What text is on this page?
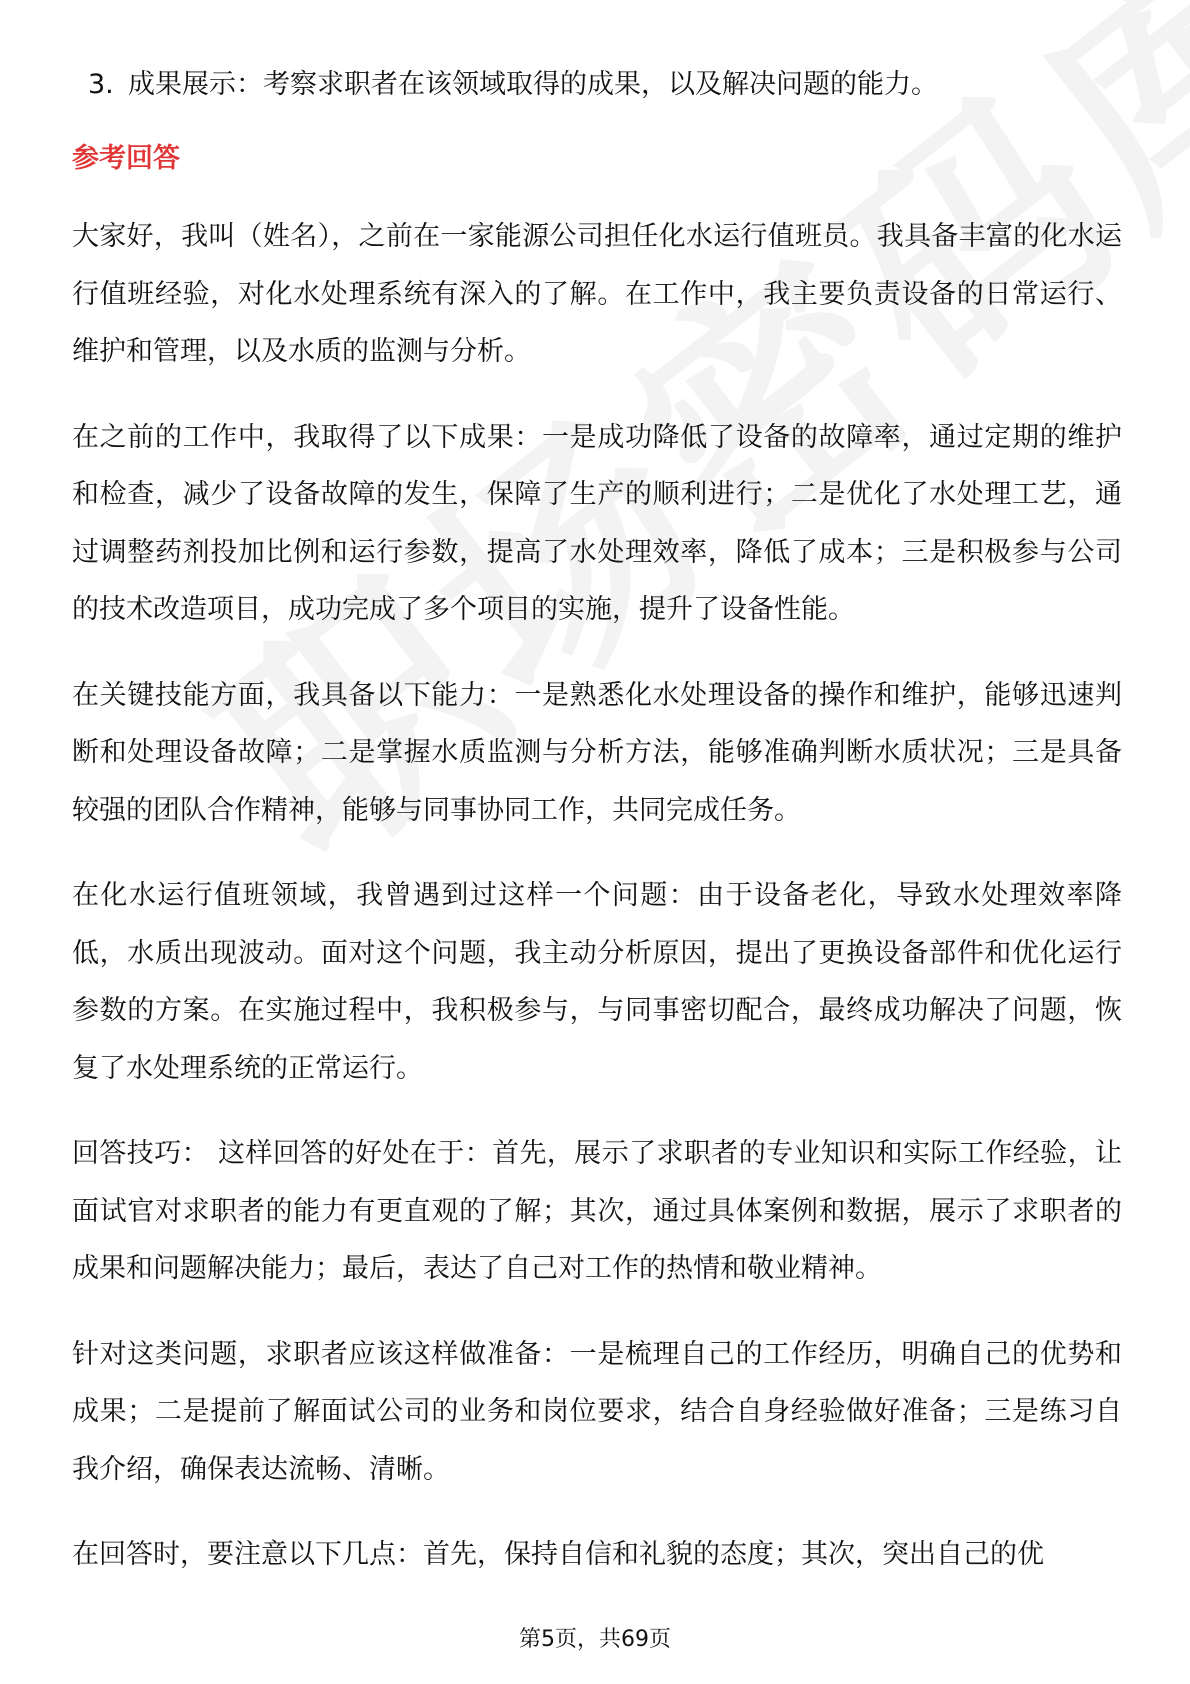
3. 成果展示：考察求职者在该领域取得的成果，以及解决问题的能力。
参考回答

大家好，我叫（姓名），之前在一家能源公司担任化水运行值班员。我具备丰富的化水运行值班经验，对化水处理系统有深入的了解。在工作中，我主要负责设备的日常运行、维护和管理，以及水质的监测与分析。

在之前的工作中，我取得了以下成果：一是成功降低了设备的故障率，通过定期的维护和检查，减少了设备故障的发生，保障了生产的顺利进行；二是优化了水处理工艺，通过调整药剂投加比例和运行参数，提高了水处理效率，降低了成本；三是积极参与公司的技术改造项目，成功完成了多个项目的实施，提升了设备性能。

在关键技能方面，我具备以下能力：一是熟悉化水处理设备的操作和维护，能够迅速判断和处理设备故障；二是掌握水质监测与分析方法，能够准确判断水质状况；三是具备较强的团队合作精神，能够与同事协同工作，共同完成任务。

在化水运行值班领域，我曾遇到过这样一个问题：由于设备老化，导致水处理效率降低，水质出现波动。面对这个问题，我主动分析原因，提出了更换设备部件和优化运行参数的方案。在实施过程中，我积极参与，与同事密切配合，最终成功解决了问题，恢复了水处理系统的正常运行。

回答技巧： 这样回答的好处在于：首先，展示了求职者的专业知识和实际工作经验，让面试官对求职者的能力有更直观的了解；其次，通过具体案例和数据，展示了求职者的成果和问题解决能力；最后，表达了自己对工作的热情和敬业精神。

针对这类问题，求职者应该这样做准备：一是梳理自己的工作经历，明确自己的优势和成果；二是提前了解面试公司的业务和岗位要求，结合自身经验做好准备；三是练习自我介绍，确保表达流畅、清晰。

在回答时，要注意以下几点：首先，保持自信和礼貌的态度；其次，突出自己的优

第5页，共69页
